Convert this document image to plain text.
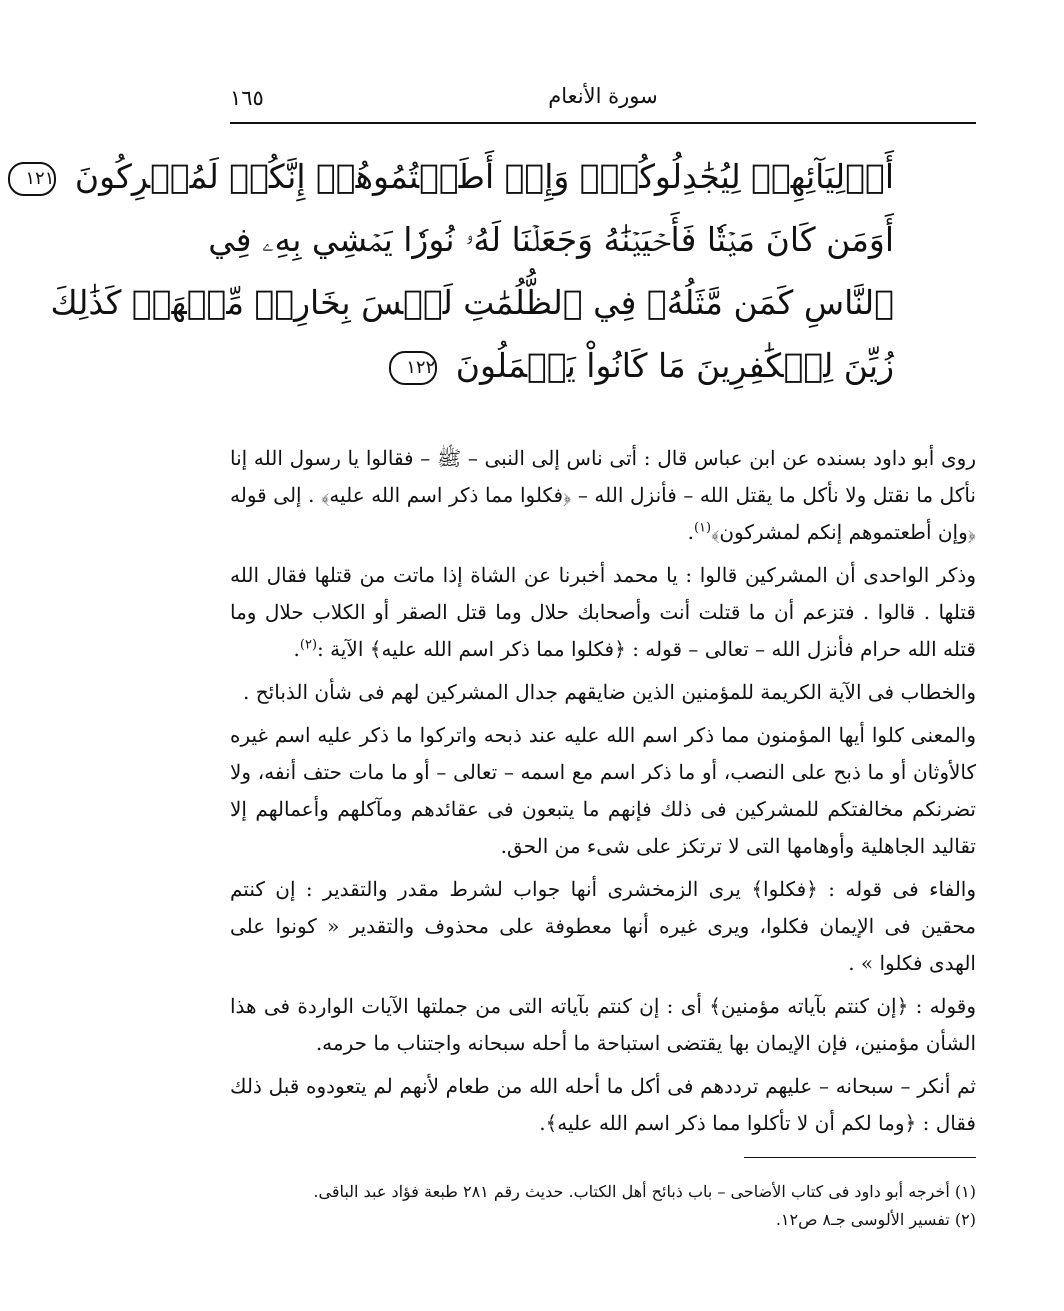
١٦٥	سورة الأنعام
أَوۡلِيَآئِهِمۡ لِيُجَٰدِلُوكُمۡۖ وَإِنۡ أَطَعۡتُمُوهُمۡ إِنَّكُمۡ لَمُشۡرِكُونَ ١٢١
أَوَمَن كَانَ مَيۡتٗا فَأَحۡيَيۡنَٰهُ وَجَعَلۡنَا لَهُۥ نُورٗا يَمۡشِي بِهِۦ فِي
ٱلنَّاسِ كَمَن مَّثَلُهُۥ فِي ٱلظُّلُمَٰتِ لَيۡسَ بِخَارِجٖ مِّنۡهَاۚ كَذَٰلِكَ
زُيِّنَ لِلۡكَٰفِرِينَ مَا كَانُواْ يَعۡمَلُونَ ١٢٢

روى أبو داود بسنده عن ابن عباس قال : أتى ناس إلى النبى – ﷺ – فقالوا يا رسول الله إنا نأكل ما نقتل ولا نأكل ما يقتل الله – فأنزل الله – ﴿فكلوا مما ذكر اسم الله عليه﴾ . إلى قوله ﴿وإن أطعتموهم إنكم لمشركون﴾$^{(١)}$.

وذكر الواحدى أن المشركين قالوا : يا محمد أخبرنا عن الشاة إذا ماتت من قتلها فقال الله قتلها . قالوا . فتزعم أن ما قتلت أنت وأصحابك حلال وما قتل الصقر أو الكلاب حلال وما قتله الله حرام فأنزل الله – تعالى – قوله : ﴿فكلوا مما ذكر اسم الله عليه﴾ الآية :$^{(٢)}$.

والخطاب فى الآية الكريمة للمؤمنين الذين ضايقهم جدال المشركين لهم فى شأن الذبائح .

والمعنى كلوا أيها المؤمنون مما ذكر اسم الله عليه عند ذبحه واتركوا ما ذكر عليه اسم غيره كالأوثان أو ما ذبح على النصب، أو ما ذكر اسم مع اسمه – تعالى – أو ما مات حتف أنفه، ولا تضرنكم مخالفتكم للمشركين فى ذلك فإنهم ما يتبعون فى عقائدهم ومآكلهم وأعمالهم إلا تقاليد الجاهلية وأوهامها التى لا ترتكز على شىء من الحق.

والفاء فى قوله : ﴿فكلوا﴾ يرى الزمخشرى أنها جواب لشرط مقدر والتقدير : إن كنتم محقين فى الإيمان فكلوا، ويرى غيره أنها معطوفة على محذوف والتقدير « كونوا على الهدى فكلوا » .

وقوله : ﴿إن كنتم بآياته مؤمنين﴾ أى : إن كنتم بآياته التى من جملتها الآيات الواردة فى هذا الشأن مؤمنين، فإن الإيمان بها يقتضى استباحة ما أحله سبحانه واجتناب ما حرمه.

ثم أنكر – سبحانه – عليهم ترددهم فى أكل ما أحله الله من طعام لأنهم لم يتعودوه قبل ذلك فقال : ﴿وما لكم أن لا تأكلوا مما ذكر اسم الله عليه﴾.

(١) أخرجه أبو داود فى كتاب الأضاحى – باب ذبائح أهل الكتاب. حديث رقم ٢٨١ طبعة فؤاد عبد الباقى.

(٢) تفسير الألوسى جـ٨ ص١٢.
